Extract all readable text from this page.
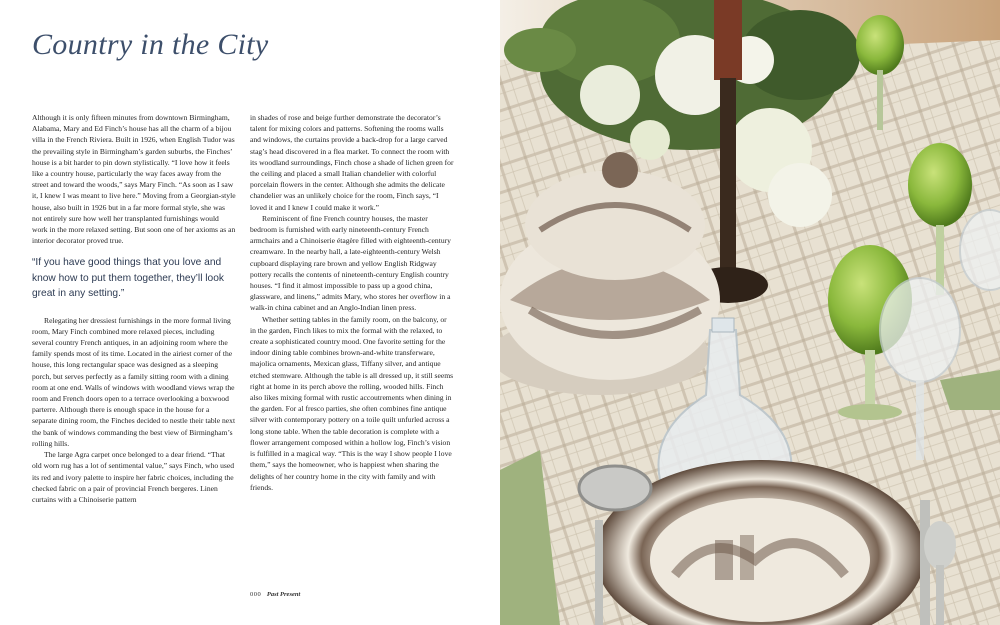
Country in the City

Although it is only fifteen minutes from downtown Birmingham, Alabama, Mary and Ed Finch’s house has all the charm of a bijou villa in the French Riviera. Built in 1926, when English Tudor was the prevailing style in Birmingham’s garden suburbs, the Finches’ house is a bit harder to pin down stylistically. “I love how it feels like a country house, particularly the way faces away from the street and toward the woods,” says Mary Finch. “As soon as I saw it, I knew I was meant to live here.” Moving from a Georgian-style house, also built in 1926 but in a far more formal style, she was not entirely sure how well her transplanted furnishings would work in the more relaxed setting. But soon one of her axioms as an interior decorator proved true.

“If you have good things that you love and know how to put them together, they’ll look great in any setting.”

Relegating her dressiest furnishings in the more formal living room, Mary Finch combined more relaxed pieces, including several country French antiques, in an adjoining room where the family spends most of its time. Located in the airiest corner of the house, this long rectangular space was designed as a sleeping porch, but serves perfectly as a family sitting room with a dining room at one end. Walls of windows with woodland views wrap the room and French doors open to a terrace overlooking a boxwood parterre. Although there is enough space in the house for a separate dining room, the Finches decided to nestle their table next the bank of windows commanding the best view of Birmingham’s rolling hills.

The large Agra carpet once belonged to a dear friend. “That old worn rug has a lot of sentimental value,” says Finch, who used its red and ivory palette to inspire her fabric choices, including the checked fabric on a pair of provincial French bergeres. Linen curtains with a Chinoiserie pattern

in shades of rose and beige further demonstrate the decorator’s talent for mixing colors and patterns. Softening the rooms walls and windows, the curtains provide a back-drop for a large carved stag’s head discovered in a flea market. To connect the room with its woodland surroundings, Finch chose a shade of lichen green for the ceiling and placed a small Italian chandelier with colorful porcelain flowers in the center. Although she admits the delicate chandelier was an unlikely choice for the room, Finch says, “I loved it and I knew I could make it work.”

Reminiscent of fine French country houses, the master bedroom is furnished with early nineteenth-century French armchairs and a Chinoiserie étagère filled with eighteenth-century creamware. In the nearby hall, a late-eighteenth-century Welsh cupboard displaying rare brown and yellow English Ridgway pottery recalls the contents of nineteenth-century English country houses. “I find it almost impossible to pass up a good china, glassware, and linens,” admits Mary, who stores her overflow in a walk-in china cabinet and an Anglo-Indian linen press.

Whether setting tables in the family room, on the balcony, or in the garden, Finch likes to mix the formal with the relaxed, to create a sophisticated country mood. One favorite setting for the indoor dining table combines brown-and-white transferware, majolica ornaments, Mexican glass, Tiffany silver, and antique etched stemware. Although the table is all dressed up, it still seems right at home in its perch above the rolling, wooded hills. Finch also likes mixing formal with rustic accoutrements when dining in the garden. For al fresco parties, she often combines fine antique silver with contemporary pottery on a toile quilt unfurled across a long stone table. When the table decoration is complete with a flower arrangement composed within a hollow log, Finch’s vision is fulfilled in a magical way. “This is the way I show people I love them,” says the homeowner, who is happiest when sharing the delights of her country home in the city with family and with friends.

000 Past Present
